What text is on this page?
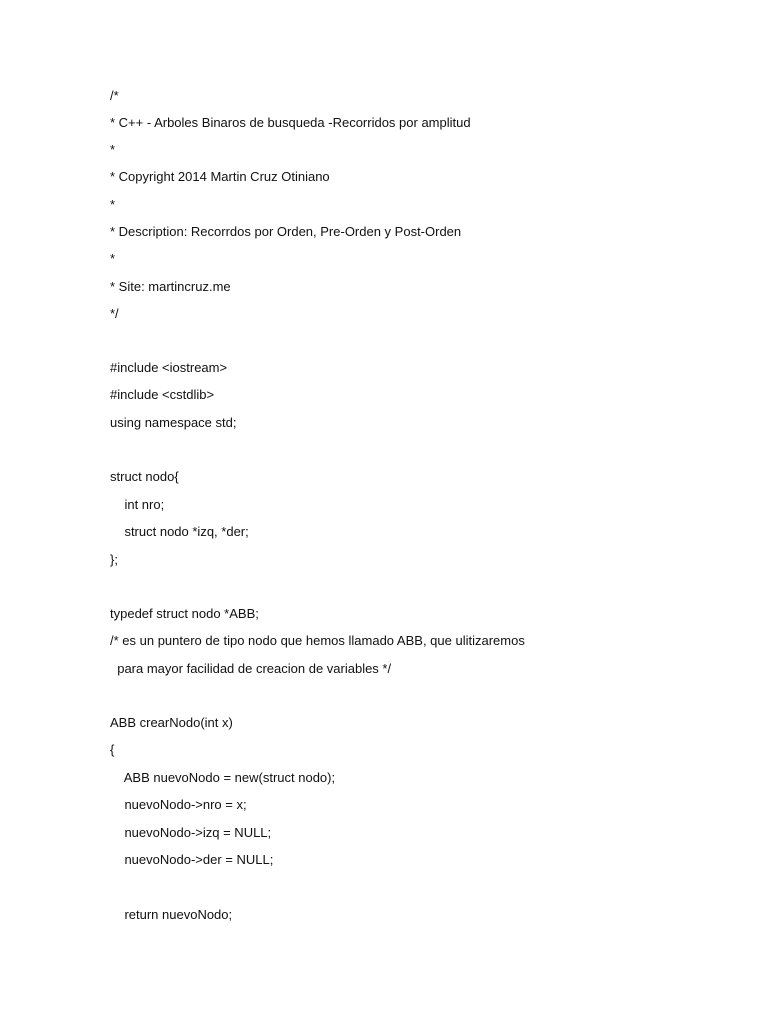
/*
* C++ - Arboles Binaros de busqueda -Recorridos por amplitud
*
* Copyright 2014 Martin Cruz Otiniano
*
* Description: Recorrdos por Orden, Pre-Orden y Post-Orden
*
* Site: martincruz.me
*/
#include <iostream>
#include <cstdlib>
using namespace std;
struct nodo{
int nro;
struct nodo *izq, *der;
};
typedef struct nodo *ABB;
/* es un puntero de tipo nodo que hemos llamado ABB, que ulitizaremos
para mayor facilidad de creacion de variables */
ABB crearNodo(int x)
{
ABB nuevoNodo = new(struct nodo);
nuevoNodo->nro = x;
nuevoNodo->izq = NULL;
nuevoNodo->der = NULL;
return nuevoNodo;
